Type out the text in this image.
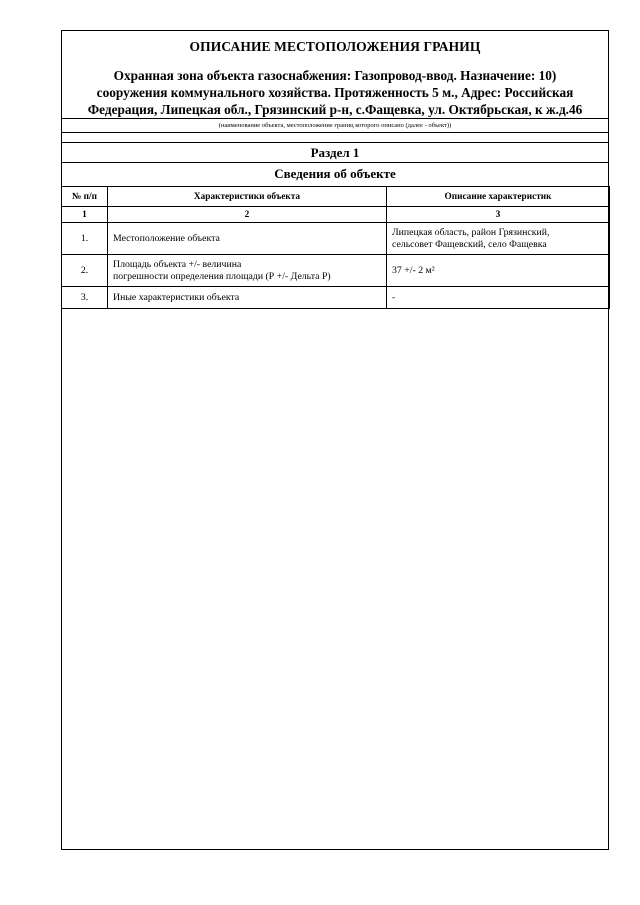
ОПИСАНИЕ МЕСТОПОЛОЖЕНИЯ ГРАНИЦ
Охранная зона объекта газоснабжения: Газопровод-ввод. Назначение: 10)
сооружения коммунального хозяйства. Протяженность 5 м., Адрес: Российская
Федерация, Липецкая обл., Грязинский р-н, с.Фащевка, ул. Октябрьская, к ж.д.46
(наименование объекта, местоположение границ которого описано (далее - объект))
Раздел 1
Сведения об объекте
№ п/п	Характеристики объекта	Описание характеристик
1	2	3
1.	Местоположение объекта	Липецкая область, район Грязинский,
сельсовет Фащевский, село Фащевка

2.	Площадь объекта +/- величина
погрешности определения площади (Р +/- Дельта Р)	37 +/- 2 м²

3.	Иные характеристики объекта	-
